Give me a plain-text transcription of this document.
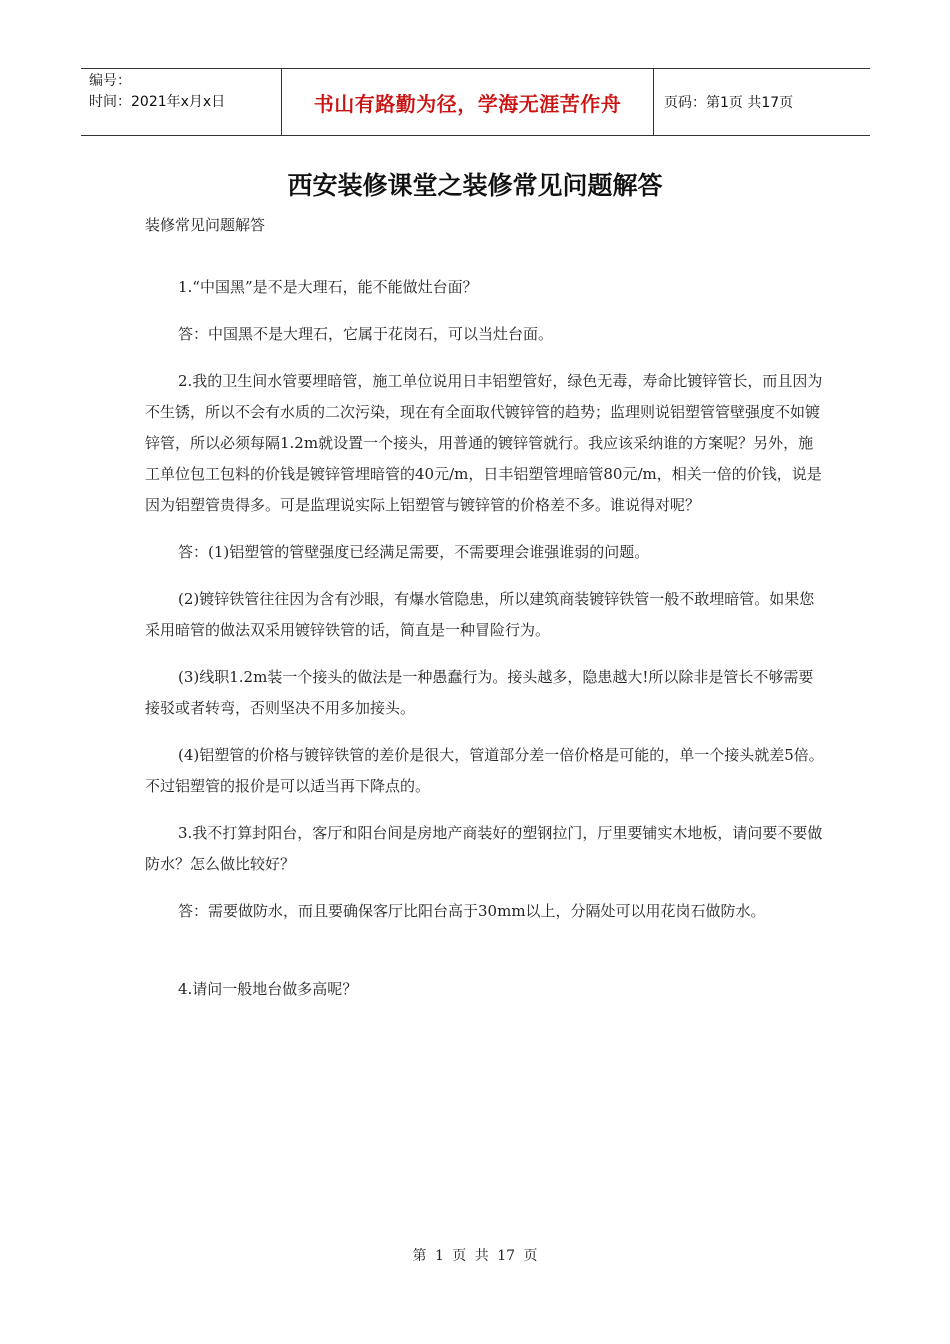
编号：
时间：2021年x月x日	书山有路勤为径，学海无涯苦作舟	页码：第1页 共17页
西安装修课堂之装修常见问题解答

装修常见问题解答

1.“中国黑”是不是大理石，能不能做灶台面？

答：中国黑不是大理石，它属于花岗石，可以当灶台面。

2.我的卫生间水管要埋暗管，施工单位说用日丰铝塑管好，绿色无毒，寿命比镀锌管长，而且因为不生锈，所以不会有水质的二次污染，现在有全面取代镀锌管的趋势；监理则说铝塑管管壁强度不如镀锌管，所以必须每隔1.2m就设置一个接头，用普通的镀锌管就行。我应该采纳谁的方案呢？另外，施工单位包工包料的价钱是镀锌管埋暗管的40元/m，日丰铝塑管埋暗管80元/m，相关一倍的价钱，说是因为铝塑管贵得多。可是监理说实际上铝塑管与镀锌管的价格差不多。谁说得对呢？

答：(1)铝塑管的管壁强度已经满足需要，不需要理会谁强谁弱的问题。

(2)镀锌铁管往往因为含有沙眼，有爆水管隐患，所以建筑商装镀锌铁管一般不敢埋暗管。如果您采用暗管的做法双采用镀锌铁管的话，简直是一种冒险行为。

(3)线职1.2m装一个接头的做法是一种愚蠢行为。接头越多，隐患越大!所以除非是管长不够需要接驳或者转弯，否则坚决不用多加接头。

(4)铝塑管的价格与镀锌铁管的差价是很大，管道部分差一倍价格是可能的，单一个接头就差5倍。不过铝塑管的报价是可以适当再下降点的。

3.我不打算封阳台，客厅和阳台间是房地产商装好的塑钢拉门，厅里要铺实木地板，请问要不要做防水？怎么做比较好？

答：需要做防水，而且要确保客厅比阳台高于30mm以上，分隔处可以用花岗石做防水。

4.请问一般地台做多高呢？

第 1 页 共 17 页
